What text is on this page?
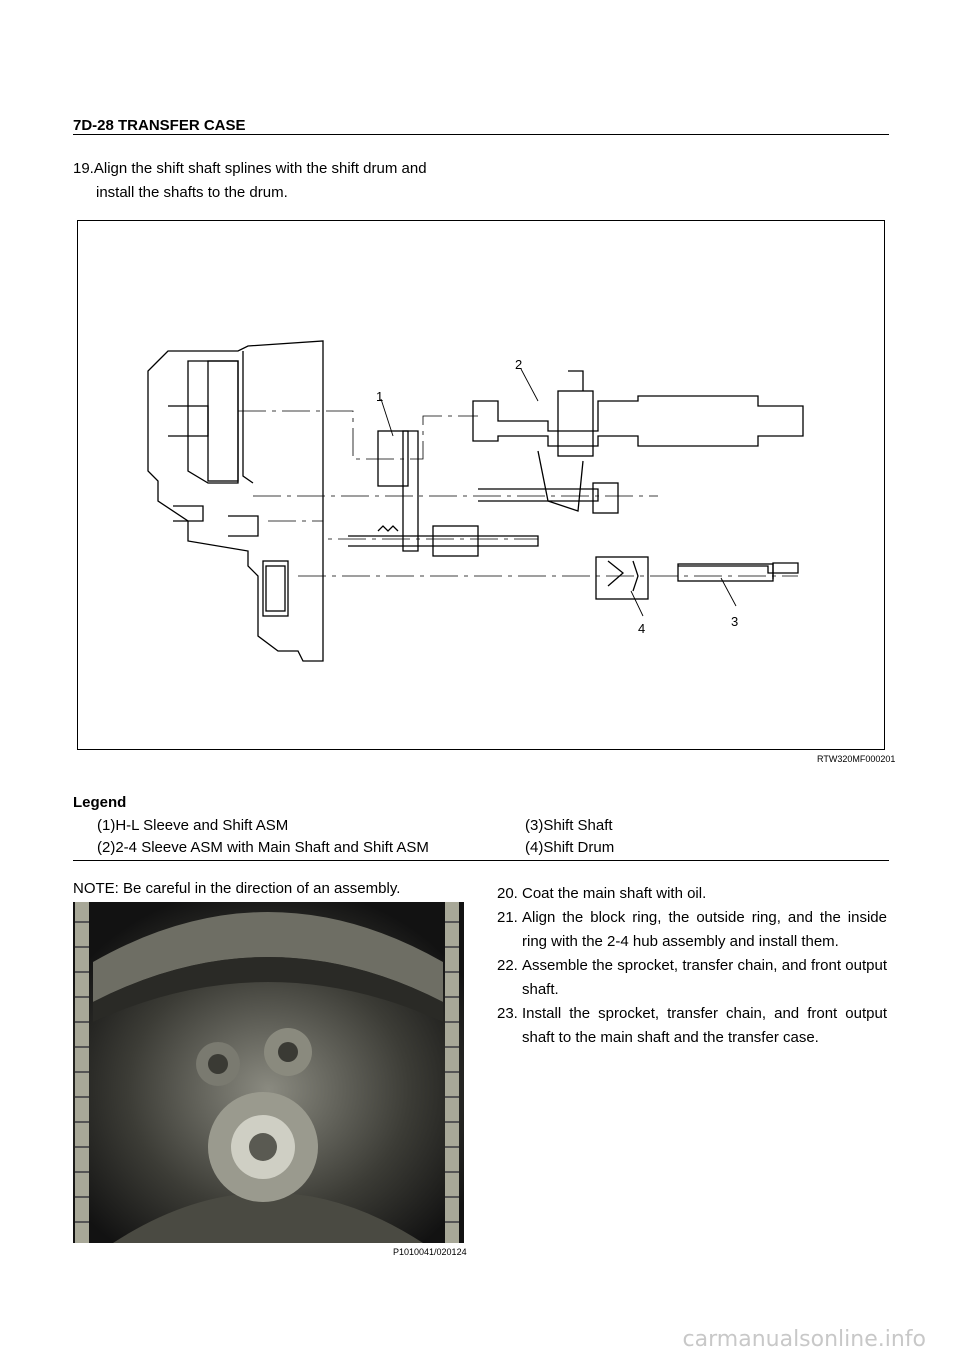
7D-28 TRANSFER CASE
19.Align the shift shaft splines with the shift drum and
install the shafts to the drum.
1
2
3
4
RTW320MF000201
Legend
(1)H-L Sleeve and Shift ASM
(2)2-4 Sleeve ASM with Main Shaft and Shift ASM
(3)Shift Shaft
(4)Shift Drum
NOTE: Be careful in the direction of an assembly.
P1010041/020124
20. Coat the main shaft with oil.
21. Align the block ring, the outside ring, and the inside ring with the 2-4 hub assembly and install them.
22. Assemble the sprocket, transfer chain, and front output shaft.
23. Install the sprocket, transfer chain, and front output shaft to the main shaft and the transfer case.
carmanualsonline.info
